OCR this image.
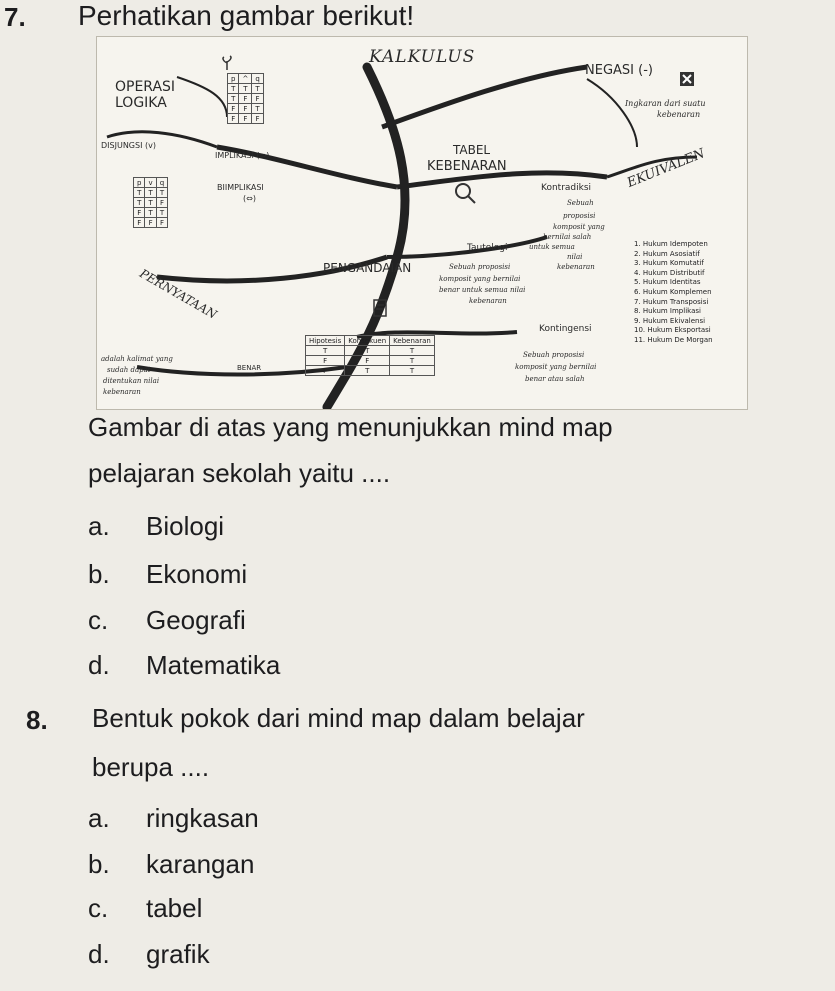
7. Perhatikan gambar berikut!
KALKULUS
OPERASI
LOGIKA
NEGASI (-)
Ingkaran dari suatu
kebenaran
DISJUNGSI (v)
IMPLIKASI (⇒)
BIIMPLIKASI
(⇔)
TABEL
KEBENARAN	EKUIVALEN
Kontradiksi
Sebuah
proposisi
komposit yang
bernilai salah
untuk semua
nilai
kebenaran
Tautologi
Sebuah proposisi
komposit yang bernilai
benar untuk semua nilai
kebenaran
PENGANDAIAN
PERNYATAAN
adalah kalimat yang
sudah dapat
ditentukan nilai
kebenaran
BENAR
Kontingensi
Sebuah proposisi
komposit yang bernilai
benar atau salah
p	^	q
T	T	T
T	F	F
F	F	T
F	F	F
p	v	q
T	T	T
T	T	F
F	T	T
F	F	F
Hipotesis	Konsekuen	Kebenaran
T	T	T
F	F	T
F	T	T
1. Hukum Idempoten
2. Hukum Asosiatif
3. Hukum Komutatif
4. Hukum Distributif
5. Hukum Identitas
6. Hukum Komplemen
7. Hukum Transposisi
8. Hukum Implikasi
9. Hukum Ekivalensi
10. Hukum Eksportasi
11. Hukum De Morgan
Gambar di atas yang menunjukkan mind map
pelajaran sekolah yaitu ....
a. Biologi
b. Ekonomi
c. Geografi
d. Matematika
8. Bentuk pokok dari mind map dalam belajar
berupa ....
a. ringkasan
b. karangan
c. tabel
d. grafik
